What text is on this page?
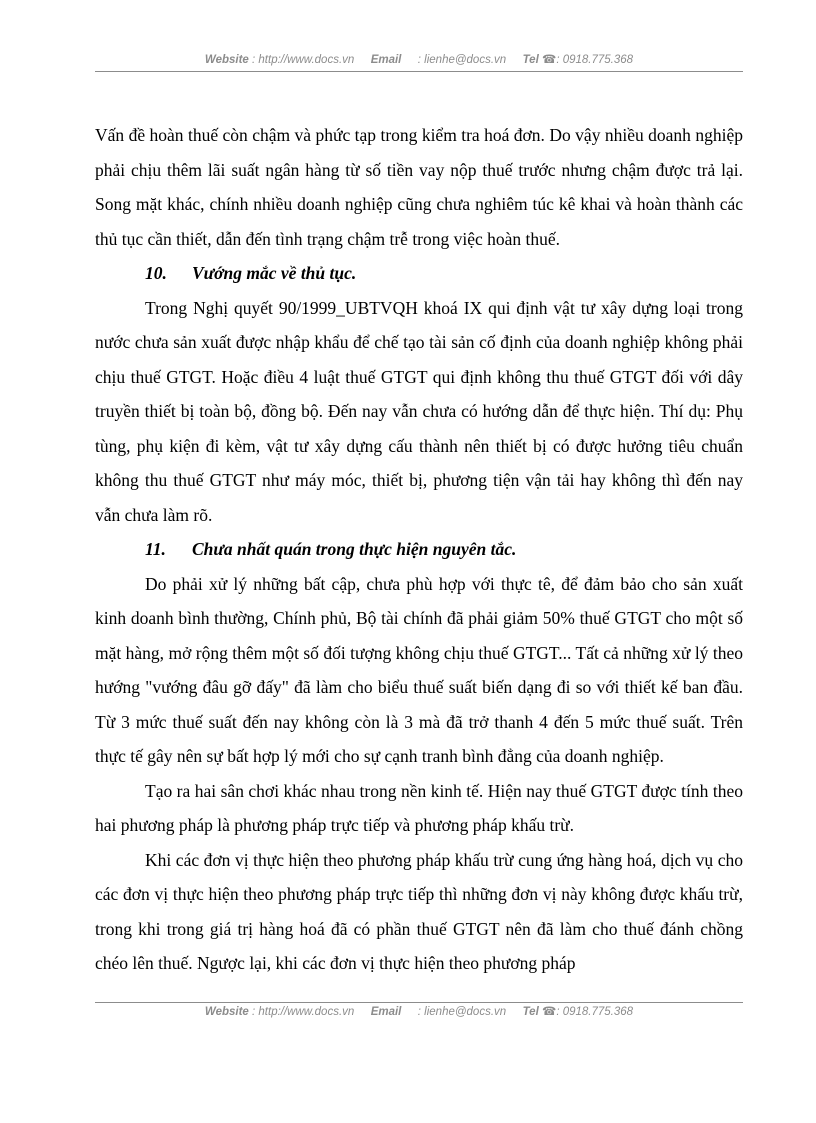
Website : http://www.docs.vn Email : lienhe@docs.vn Tel ☎: 0918.775.368

Vấn đề hoàn thuế còn chậm và phức tạp trong kiểm tra hoá đơn. Do vậy nhiều doanh nghiệp phải chịu thêm lãi suất ngân hàng từ số tiền vay nộp thuế trước nhưng chậm được trả lại. Song mặt khác, chính nhiều doanh nghiệp cũng chưa nghiêm túc kê khai và hoàn thành các thủ tục cần thiết, dẫn đến tình trạng chậm trễ trong việc hoàn thuế.

10. Vướng mắc về thủ tục.

Trong Nghị quyết 90/1999_UBTVQH khoá IX qui định vật tư xây dựng loại trong nước chưa sản xuất được nhập khẩu để chế tạo tài sản cố định của doanh nghiệp không phải chịu thuế GTGT. Hoặc điều 4 luật thuế GTGT qui định không thu thuế GTGT đối với dây truyền thiết bị toàn bộ, đồng bộ. Đến nay vẫn chưa có hướng dẫn để thực hiện. Thí dụ: Phụ tùng, phụ kiện đi kèm, vật tư xây dựng cấu thành nên thiết bị có được hưởng tiêu chuẩn không thu thuế GTGT như máy móc, thiết bị, phương tiện vận tải hay không thì đến nay vẫn chưa làm rõ.

11. Chưa nhất quán trong thực hiện nguyên tắc.

Do phải xử lý những bất cập, chưa phù hợp với thực tê, để đảm bảo cho sản xuất kinh doanh bình thường, Chính phủ, Bộ tài chính đã phải giảm 50% thuế GTGT cho một số mặt hàng, mở rộng thêm một số đối tượng không chịu thuế GTGT... Tất cả những xử lý theo hướng "vướng đâu gỡ đấy" đã làm cho biểu thuế suất biến dạng đi so với thiết kế ban đầu. Từ 3 mức thuế suất đến nay không còn là 3 mà đã trở thanh 4 đến 5 mức thuế suất. Trên thực tế gây nên sự bất hợp lý mới cho sự cạnh tranh bình đẳng của doanh nghiệp.

Tạo ra hai sân chơi khác nhau trong nền kinh tế. Hiện nay thuế GTGT được tính theo hai phương pháp là phương pháp trực tiếp và phương pháp khấu trừ.

Khi các đơn vị thực hiện theo phương pháp khấu trừ cung ứng hàng hoá, dịch vụ cho các đơn vị thực hiện theo phương pháp trực tiếp thì những đơn vị này không được khấu trừ, trong khi trong giá trị hàng hoá đã có phần thuế GTGT nên đã làm cho thuế đánh chồng chéo lên thuế. Ngược lại, khi các đơn vị thực hiện theo phương pháp

Website : http://www.docs.vn Email : lienhe@docs.vn Tel ☎: 0918.775.368
